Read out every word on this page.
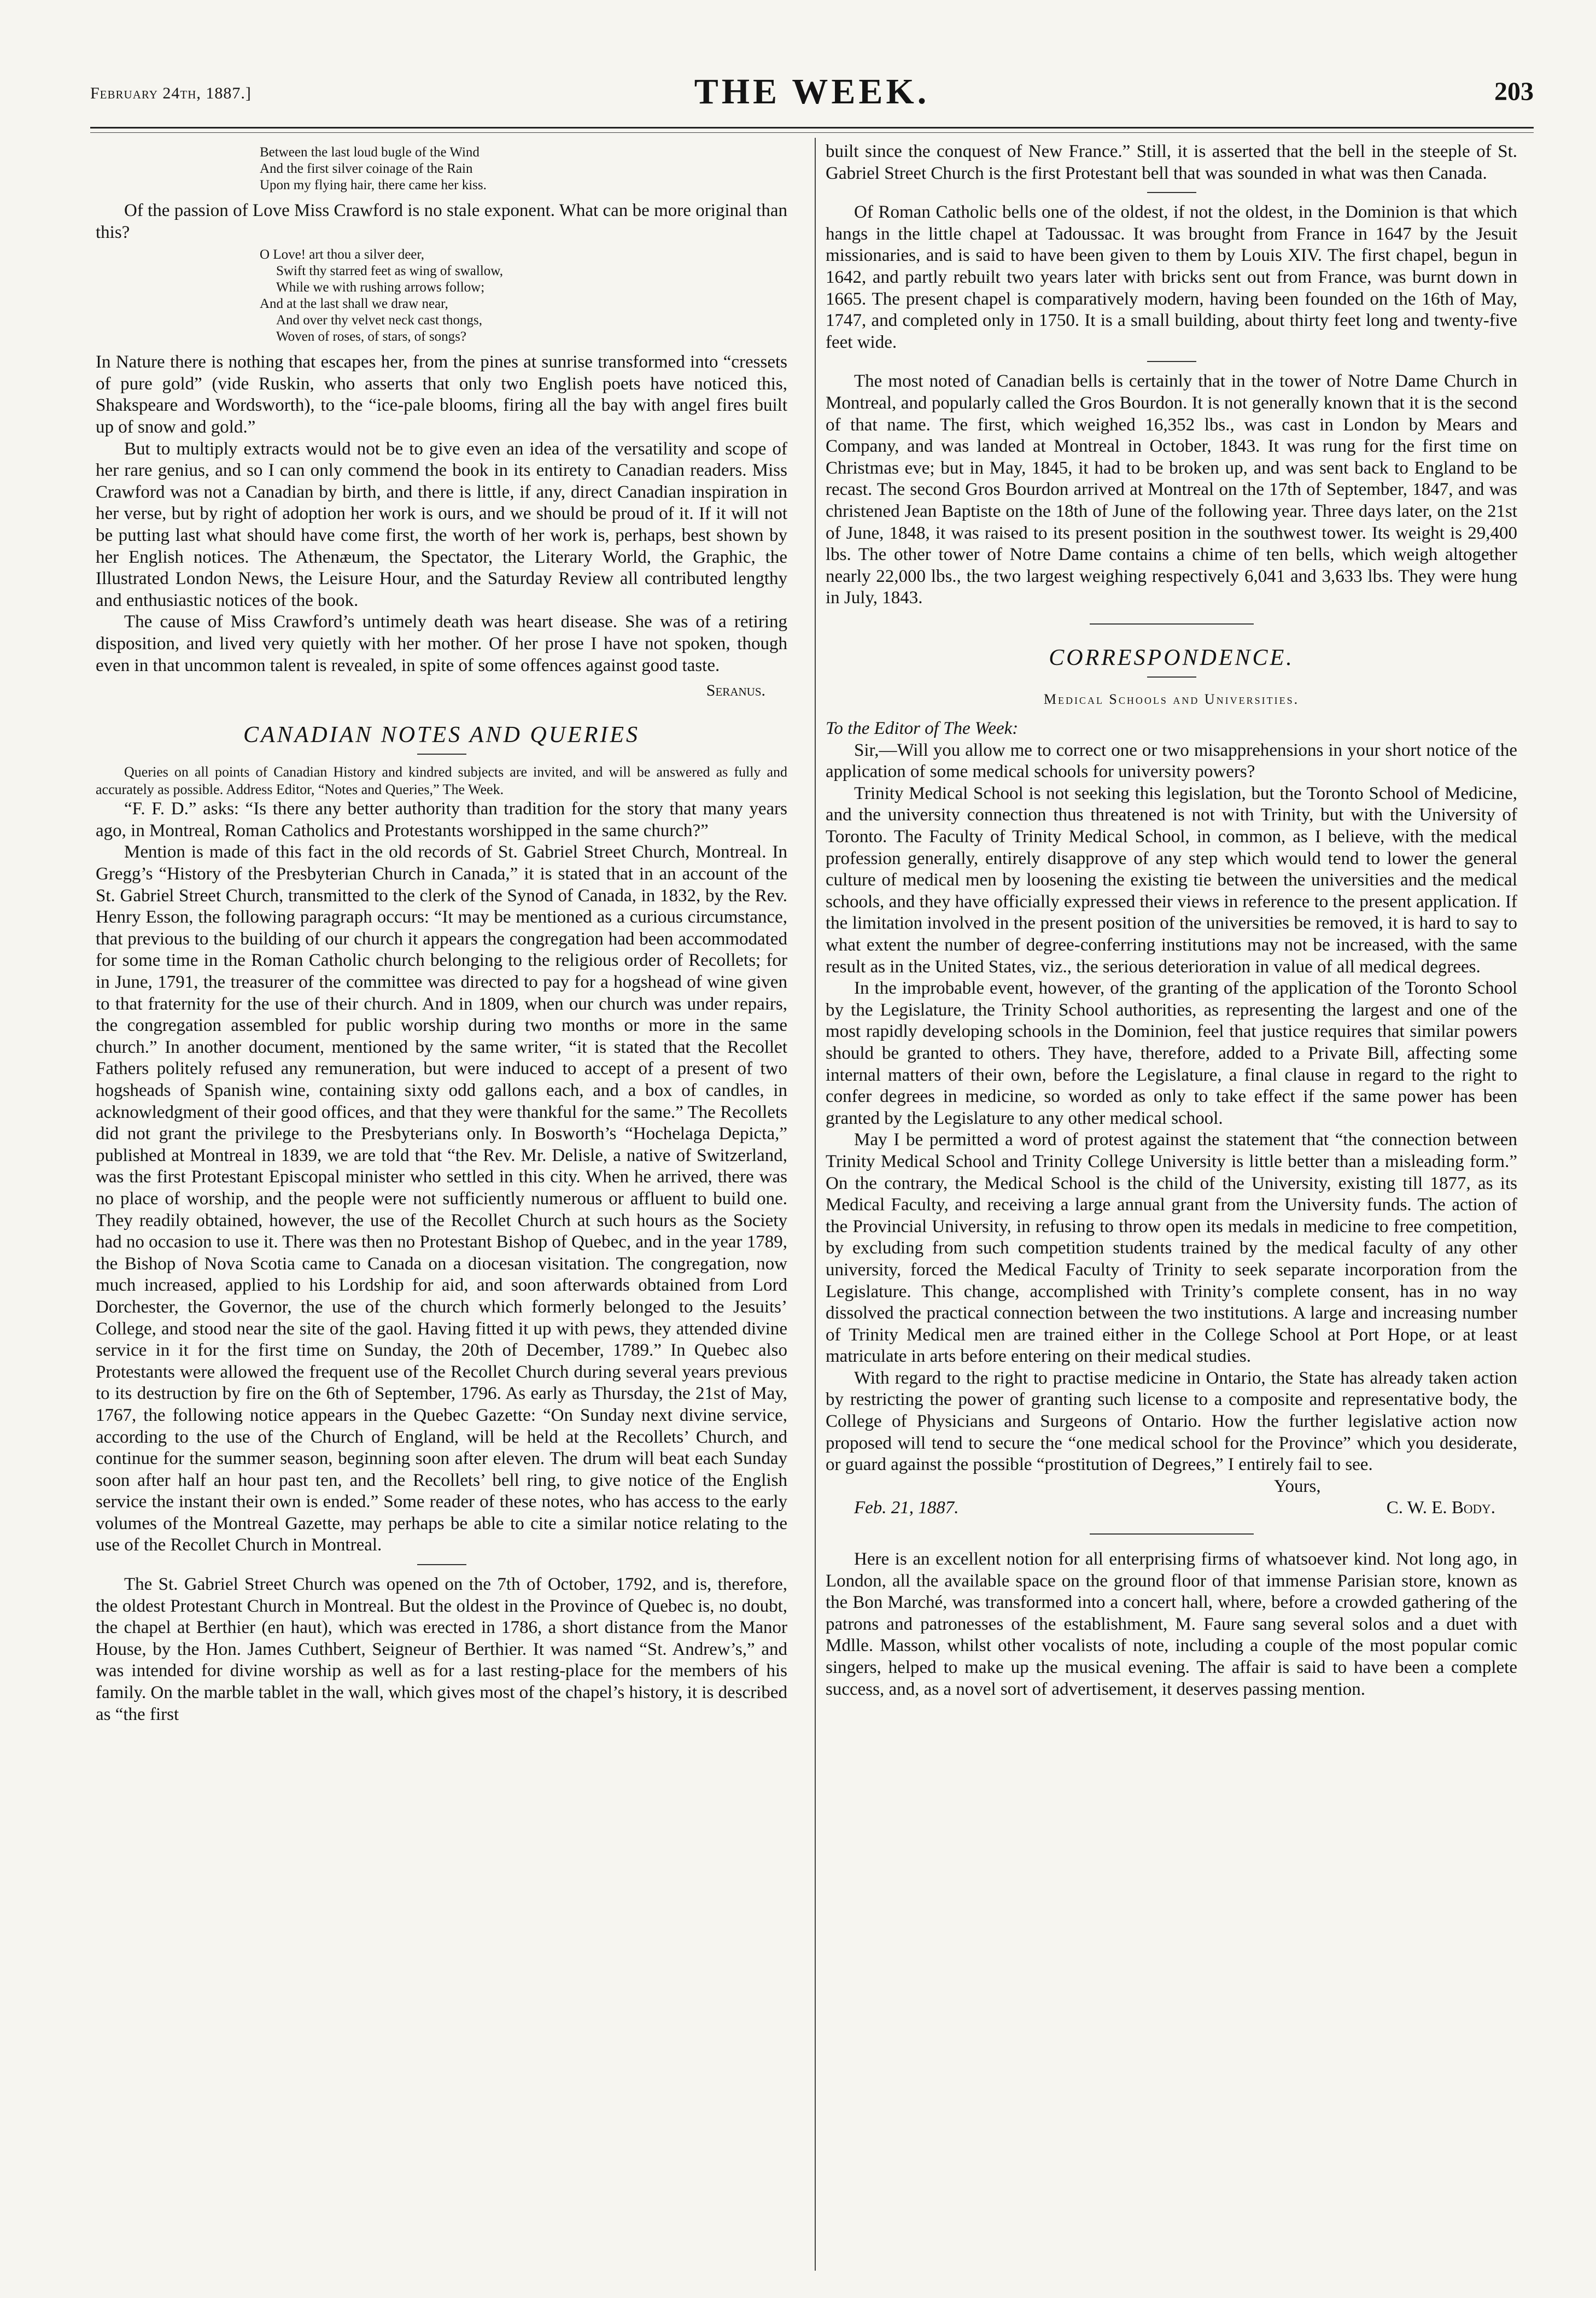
February 24th, 1887.]	THE WEEK.	203
Between the last loud bugle of the Wind
And the first silver coinage of the Rain
Upon my flying hair, there came her kiss.

Of the passion of Love Miss Crawford is no stale exponent. What can be more original than this?

O Love! art thou a silver deer,
Swift thy starred feet as wing of swallow,
While we with rushing arrows follow;
And at the last shall we draw near,
And over thy velvet neck cast thongs,
Woven of roses, of stars, of songs?

In Nature there is nothing that escapes her, from the pines at sunrise transformed into “cressets of pure gold” (vide Ruskin, who asserts that only two English poets have noticed this, Shakspeare and Wordsworth), to the “ice-pale blooms, firing all the bay with angel fires built up of snow and gold.”

But to multiply extracts would not be to give even an idea of the versatility and scope of her rare genius, and so I can only commend the book in its entirety to Canadian readers. Miss Crawford was not a Canadian by birth, and there is little, if any, direct Canadian inspiration in her verse, but by right of adoption her work is ours, and we should be proud of it. If it will not be putting last what should have come first, the worth of her work is, perhaps, best shown by her English notices. The Athenæum, the Spectator, the Literary World, the Graphic, the Illustrated London News, the Leisure Hour, and the Saturday Review all contributed lengthy and enthusiastic notices of the book.

The cause of Miss Crawford’s untimely death was heart disease. She was of a retiring disposition, and lived very quietly with her mother. Of her prose I have not spoken, though even in that uncommon talent is revealed, in spite of some offences against good taste.

Seranus.
CANADIAN NOTES AND QUERIES

Queries on all points of Canadian History and kindred subjects are invited, and will be answered as fully and accurately as possible. Address Editor, “Notes and Queries,” The Week.

“F. F. D.” asks: “Is there any better authority than tradition for the story that many years ago, in Montreal, Roman Catholics and Protestants worshipped in the same church?”

Mention is made of this fact in the old records of St. Gabriel Street Church, Montreal. In Gregg’s “History of the Presbyterian Church in Canada,” it is stated that in an account of the St. Gabriel Street Church, transmitted to the clerk of the Synod of Canada, in 1832, by the Rev. Henry Esson, the following paragraph occurs: “It may be mentioned as a curious circumstance, that previous to the building of our church it appears the congregation had been accommodated for some time in the Roman Catholic church belonging to the religious order of Recollets; for in June, 1791, the treasurer of the committee was directed to pay for a hogshead of wine given to that fraternity for the use of their church. And in 1809, when our church was under repairs, the congregation assembled for public worship during two months or more in the same church.” In another document, mentioned by the same writer, “it is stated that the Recollet Fathers politely refused any remuneration, but were induced to accept of a present of two hogsheads of Spanish wine, containing sixty odd gallons each, and a box of candles, in acknowledgment of their good offices, and that they were thankful for the same.” The Recollets did not grant the privilege to the Presbyterians only. In Bosworth’s “Hochelaga Depicta,” published at Montreal in 1839, we are told that “the Rev. Mr. Delisle, a native of Switzerland, was the first Protestant Episcopal minister who settled in this city. When he arrived, there was no place of worship, and the people were not sufficiently numerous or affluent to build one. They readily obtained, however, the use of the Recollet Church at such hours as the Society had no occasion to use it. There was then no Protestant Bishop of Quebec, and in the year 1789, the Bishop of Nova Scotia came to Canada on a diocesan visitation. The congregation, now much increased, applied to his Lordship for aid, and soon afterwards obtained from Lord Dorchester, the Governor, the use of the church which formerly belonged to the Jesuits’ College, and stood near the site of the gaol. Having fitted it up with pews, they attended divine service in it for the first time on Sunday, the 20th of December, 1789.” In Quebec also Protestants were allowed the frequent use of the Recollet Church during several years previous to its destruction by fire on the 6th of September, 1796. As early as Thursday, the 21st of May, 1767, the following notice appears in the Quebec Gazette: “On Sunday next divine service, according to the use of the Church of England, will be held at the Recollets’ Church, and continue for the summer season, beginning soon after eleven. The drum will beat each Sunday soon after half an hour past ten, and the Recollets’ bell ring, to give notice of the English service the instant their own is ended.” Some reader of these notes, who has access to the early volumes of the Montreal Gazette, may perhaps be able to cite a similar notice relating to the use of the Recollet Church in Montreal.

The St. Gabriel Street Church was opened on the 7th of October, 1792, and is, therefore, the oldest Protestant Church in Montreal. But the oldest in the Province of Quebec is, no doubt, the chapel at Berthier (en haut), which was erected in 1786, a short distance from the Manor House, by the Hon. James Cuthbert, Seigneur of Berthier. It was named “St. Andrew’s,” and was intended for divine worship as well as for a last resting-place for the members of his family. On the marble tablet in the wall, which gives most of the chapel’s history, it is described as “the first

built since the conquest of New France.” Still, it is asserted that the bell in the steeple of St. Gabriel Street Church is the first Protestant bell that was sounded in what was then Canada.

Of Roman Catholic bells one of the oldest, if not the oldest, in the Dominion is that which hangs in the little chapel at Tadoussac. It was brought from France in 1647 by the Jesuit missionaries, and is said to have been given to them by Louis XIV. The first chapel, begun in 1642, and partly rebuilt two years later with bricks sent out from France, was burnt down in 1665. The present chapel is comparatively modern, having been founded on the 16th of May, 1747, and completed only in 1750. It is a small building, about thirty feet long and twenty-five feet wide.

The most noted of Canadian bells is certainly that in the tower of Notre Dame Church in Montreal, and popularly called the Gros Bourdon. It is not generally known that it is the second of that name. The first, which weighed 16,352 lbs., was cast in London by Mears and Company, and was landed at Montreal in October, 1843. It was rung for the first time on Christmas eve; but in May, 1845, it had to be broken up, and was sent back to England to be recast. The second Gros Bourdon arrived at Montreal on the 17th of September, 1847, and was christened Jean Baptiste on the 18th of June of the following year. Three days later, on the 21st of June, 1848, it was raised to its present position in the southwest tower. Its weight is 29,400 lbs. The other tower of Notre Dame contains a chime of ten bells, which weigh altogether nearly 22,000 lbs., the two largest weighing respectively 6,041 and 3,633 lbs. They were hung in July, 1843.

CORRESPONDENCE.
Medical Schools and Universities.

To the Editor of The Week:

Sir,—Will you allow me to correct one or two misapprehensions in your short notice of the application of some medical schools for university powers?

Trinity Medical School is not seeking this legislation, but the Toronto School of Medicine, and the university connection thus threatened is not with Trinity, but with the University of Toronto. The Faculty of Trinity Medical School, in common, as I believe, with the medical profession generally, entirely disapprove of any step which would tend to lower the general culture of medical men by loosening the existing tie between the universities and the medical schools, and they have officially expressed their views in reference to the present application. If the limitation involved in the present position of the universities be removed, it is hard to say to what extent the number of degree-conferring institutions may not be increased, with the same result as in the United States, viz., the serious deterioration in value of all medical degrees.

In the improbable event, however, of the granting of the application of the Toronto School by the Legislature, the Trinity School authorities, as representing the largest and one of the most rapidly developing schools in the Dominion, feel that justice requires that similar powers should be granted to others. They have, therefore, added to a Private Bill, affecting some internal matters of their own, before the Legislature, a final clause in regard to the right to confer degrees in medicine, so worded as only to take effect if the same power has been granted by the Legislature to any other medical school.

May I be permitted a word of protest against the statement that “the connection between Trinity Medical School and Trinity College University is little better than a misleading form.” On the contrary, the Medical School is the child of the University, existing till 1877, as its Medical Faculty, and receiving a large annual grant from the University funds. The action of the Provincial University, in refusing to throw open its medals in medicine to free competition, by excluding from such competition students trained by the medical faculty of any other university, forced the Medical Faculty of Trinity to seek separate incorporation from the Legislature. This change, accomplished with Trinity’s complete consent, has in no way dissolved the practical connection between the two institutions. A large and increasing number of Trinity Medical men are trained either in the College School at Port Hope, or at least matriculate in arts before entering on their medical studies.

With regard to the right to practise medicine in Ontario, the State has already taken action by restricting the power of granting such license to a composite and representative body, the College of Physicians and Surgeons of Ontario. How the further legislative action now proposed will tend to secure the “one medical school for the Province” which you desiderate, or guard against the possible “prostitution of Degrees,” I entirely fail to see.

Yours,
Feb. 21, 1887.	C. W. E. Body.

Here is an excellent notion for all enterprising firms of whatsoever kind. Not long ago, in London, all the available space on the ground floor of that immense Parisian store, known as the Bon Marché, was transformed into a concert hall, where, before a crowded gathering of the patrons and patronesses of the establishment, M. Faure sang several solos and a duet with Mdlle. Masson, whilst other vocalists of note, including a couple of the most popular comic singers, helped to make up the musical evening. The affair is said to have been a complete success, and, as a novel sort of advertisement, it deserves passing mention.
